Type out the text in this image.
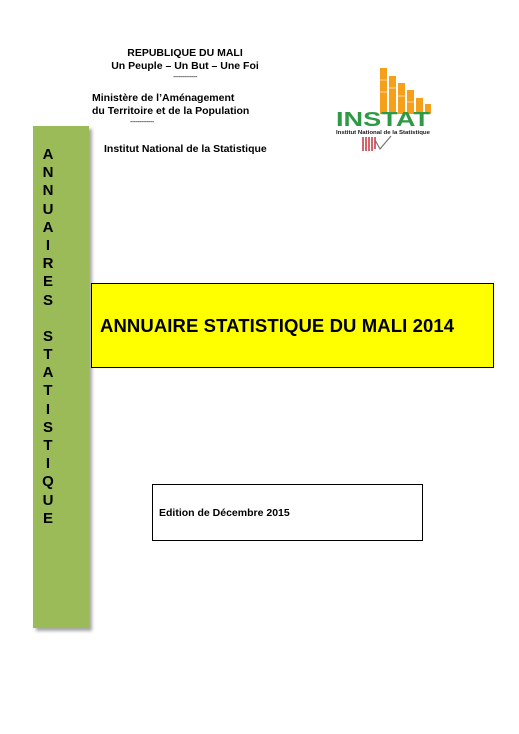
REPUBLIQUE DU MALI
Un Peuple – Un But – Une Foi
-------------
Ministère de l’Aménagement
du Territoire et de la Population
-------------
Institut National de la Statistique
INSTAT
Institut National de la Statistique
A
N
N
U
A
I
R
E
S
S
T
A
T
I
S
T
I
Q
U
E
ANNUAIRE STATISTIQUE DU MALI 2014
Edition de Décembre 2015
